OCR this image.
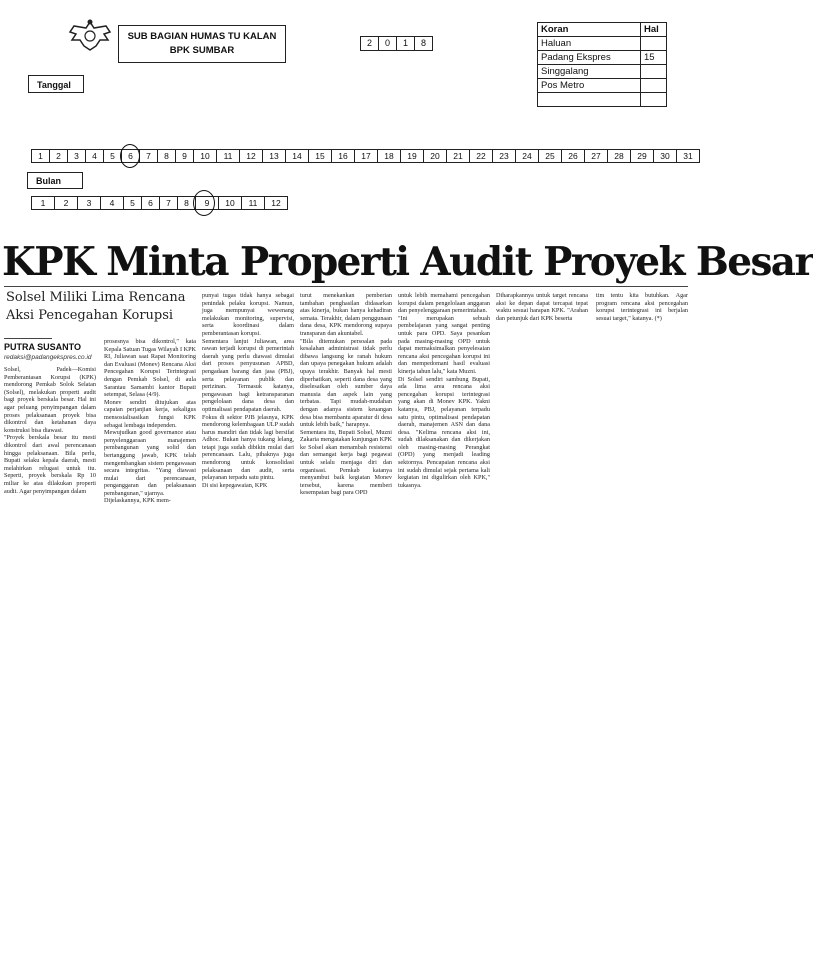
SUB BAGIAN HUMAS TU KALAN
BPK SUMBAR
2	0	1	8
Koran	Hal
Haluan	
Padang Ekspres	15
Singgalang	
Pos Metro	

Tanggal
1	2	3	4	5	6	7	8	9	10	11	12	13	14	15	16	17	18	19	20	21	22	23	24	25	26	27	28	29	30	31
Bulan
1	2	3	4	5	6	7	8	9	10	11	12
KPK Minta Properti Audit Proyek Besar
Solsel Miliki Lima Rencana Aksi Pencegahan Korupsi
PUTRA SUSANTO
redaksi@padangekspres.co.id
Solsel, Padek—Komisi Pemberantasan Korupsi (KPK) mendorong Pemkab Solok Selatan (Solsel), melakukan properti audit bagi proyek berskala besar. Hal ini agar peluang penyimpangan dalam proses pelaksanaan proyek bisa dikontrol dan ketahanan daya konstruksi bisa diawasi.
"Proyek berskala besar itu mesti dikontrol dari awal perencanaan hingga pelaksanaan. Bila perlu, Bupati selaku kepala daerah, mesti melahirkan relugasi untuk itu. Seperti, proyek berskala Rp 10 miliar ke atas dilakukan properti audit. Agar penyimpangan dalam
prosesnya bisa dikontrol," kata Kepala Satuan Tugas Wilayah I KPK RI, Juliawan saat Rapat Monitoring dan Evaluasi (Monev) Rencana Aksi Pencegahan Korupsi Terintegrasi dengan Pemkab Solsel, di aula Sarantau Samambi kantor Bupati setempat, Selasa (4/9).
Monev sendiri ditujukan atas capaian perjanjian kerja, sekaligus mensosialisasikan fungsi KPK sebagai lembaga independen.
Mewujudkan good governance atau penyelenggaraan manajemen pembangunan yang solid dan bertanggung jawab, KPK telah mengembangkan sistem pengawasan secara integritas. "Yang diawasi mulai dari perencanaan, penganggaran dan pelaksanaan pembangunan," ujarnya.
Dijelaskannya, KPK mem-
punyai tugas tidak hanya sebagai penindak pelaku korupsi. Namun, juga mempunyai wewenang melakukan monitoring, supervisi, serta koordinasi dalam pemberantasan korupsi.
Sementara lanjut Juliawan, area rawan terjadi korupsi di pemerintah daerah yang perlu diawasi dimulai dari proses penyusunan APBD, pengadaan barang dan jasa (PBJ), serta pelayanan publik dan perizinan. Termasuk katanya, pengawasan bagi ketransparanan pengelolaan dana desa dan optimalisasi pendapatan daerah.
Fokus di sektor PJB jelasnya, KPK mendorong kelembagaan ULP sudah harus mandiri dan tidak lagi bersifat Adhoc. Bukan hanya tukang lelang, tetapi juga sudah dibikin mulai dari perencanaan. Lalu, pihaknya juga mendorong untuk konsolidasi pelaksanaan dan audit, serta pelayanan terpadu satu pintu.
Di sisi kepegawaian, KPK
turut menekankan pemberian tambahan penghasilan didasarkan atas kinerja, bukan hanya kehadiran semata. Terakhir, dalam penggunaan dana desa, KPK mendorong supaya transparan dan akuntabel.
"Bila ditemukan persoalan pada kesalahan administrasi tidak perlu dibawa langsung ke ranah hukum dan upaya penegakan hukum adalah upaya terakhir. Banyak hal mesti diperhatikan, seperti dana desa yang diselesaikan oleh sumber daya manusia dan aspek lain yang terbatas. Tapi mudah-mudahan dengan adanya sistem keuangan desa bisa membantu aparatur di desa untuk lebih baik," harapnya.
Sementara itu, Bupati Solsel, Muzni Zakaria mengatakan kunjungan KPK ke Solsel akan menambah resistensi dan semangat kerja bagi pegawai untuk selalu menjaga diri dan organisasi. Pemkab katanya menyambut baik kegiatan Monev tersebut, karena memberi kesempatan bagi para OPD
untuk lebih memahami pencegahan korupsi dalam pengelolaan anggaran dan penyelenggaraan pemerintahan.
"Ini merupakan sebuah pembelajaran yang sangat penting untuk para OPD. Saya pesankan pada masing-masing OPD untuk dapat memaksimalkan penyelesaian rencana aksi pencegahan korupsi ini dan mempedomani hasil evaluasi kinerja tahun lalu," kata Muzni.
Di Solsel sendiri sambung Bupati, ada lima area rencana aksi pencegahan korupsi terintegrasi yang akan di Monev KPK. Yakni katanya, PBJ, pelayanan terpadu satu pintu, optimalisasi pendapatan daerah, manajemen ASN dan dana desa. "Kelima rencana aksi ini, sudah dilaksanakan dan dikerjakan oleh masing-masing Perangkat (OPD) yang menjadi leading sektornya. Pencapaian rencana aksi ini sudah dimulai sejak pertama kali kegiatan ini digulirkan oleh KPK," tukasnya.
Diharapkannya untuk target rencana aksi ke depan dapat tercapai tepat waktu sesuai harapan KPK. "Arahan dan petunjuk dari KPK beserta
tim tentu kita butuhkan. Agar program rencana aksi pencegahan korupsi terintegrasi ini berjalan sesuai target," katanya. (*)
